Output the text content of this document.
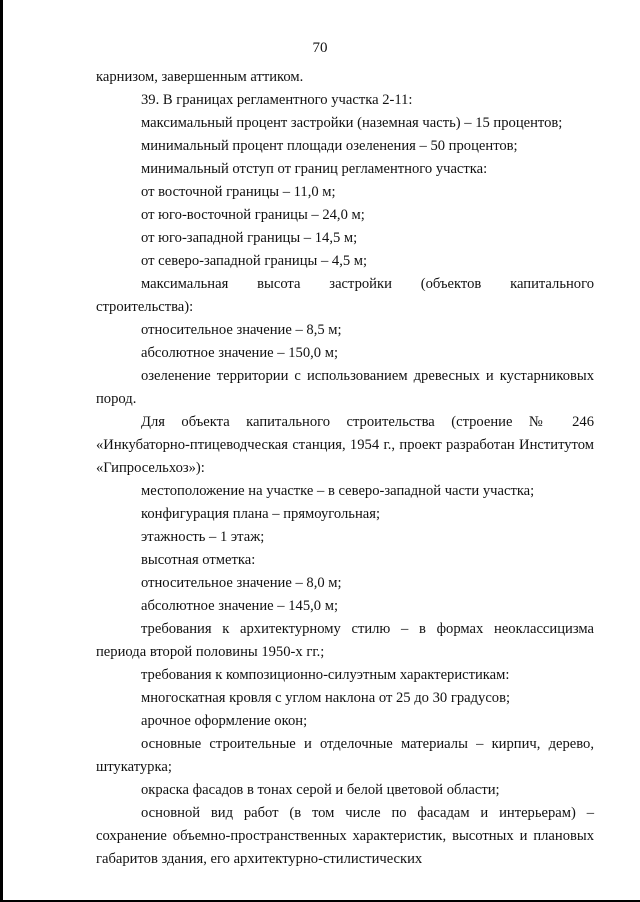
70

карнизом, завершенным аттиком.

39. В границах регламентного участка 2-11:

максимальный процент застройки (наземная часть) – 15 процентов;

минимальный процент площади озеленения – 50 процентов;

минимальный отступ от границ регламентного участка:

от восточной границы – 11,0 м;

от юго-восточной границы – 24,0 м;

от юго-западной границы – 14,5 м;

от северо-западной границы – 4,5 м;

максимальная высота застройки (объектов капитального строительства):

относительное значение – 8,5 м;

абсолютное значение – 150,0 м;

озеленение территории с использованием древесных и кустарниковых пород.

Для объекта капитального строительства (строение № 246 «Инкубаторно-птицеводческая станция, 1954 г., проект разработан Институтом «Гипросельхоз»):

местоположение на участке – в северо-западной части участка;

конфигурация плана – прямоугольная;

этажность – 1 этаж;

высотная отметка:

относительное значение – 8,0 м;

абсолютное значение – 145,0 м;

требования к архитектурному стилю – в формах неоклассицизма периода второй половины 1950-х гг.;

требования к композиционно-силуэтным характеристикам:

многоскатная кровля с углом наклона от 25 до 30 градусов;

арочное оформление окон;

основные строительные и отделочные материалы – кирпич, дерево, штукатурка;

окраска фасадов в тонах серой и белой цветовой области;

основной вид работ (в том числе по фасадам и интерьерам) – сохранение объемно-пространственных характеристик, высотных и плановых габаритов здания, его архитектурно-стилистических
